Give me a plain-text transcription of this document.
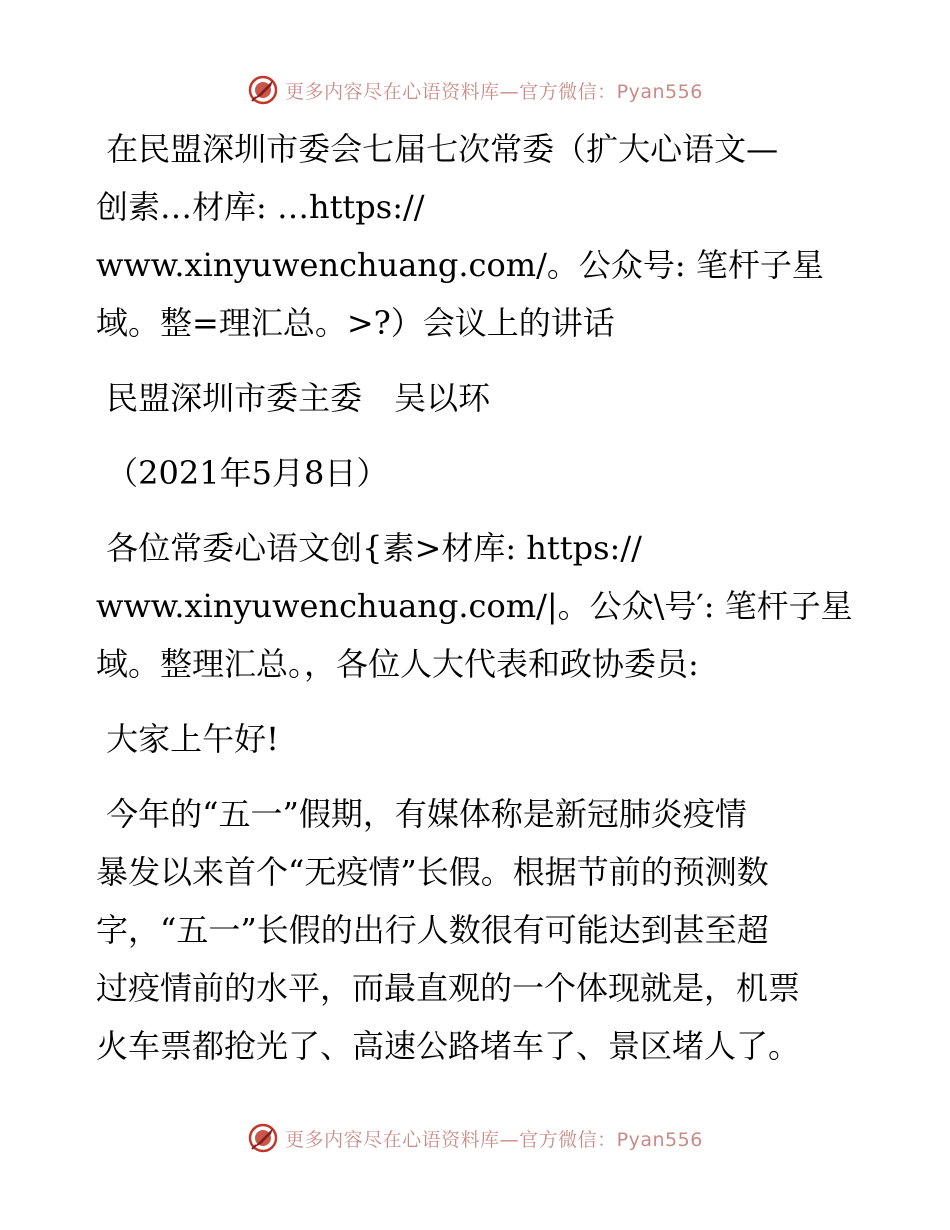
更多内容尽在心语资料库—官方微信：Pyan556

在民盟深圳市委会七届七次常委（扩大心语文—
创素…材库: …https://
www.xinyuwenchuang.com/。公众号: 笔杆子星
域。整=理汇总。>?）会议上的讲话

民盟深圳市委主委　吴以环

（2021年5月8日）

各位常委心语文创{素>材库: https://
www.xinyuwenchuang.com/|。公众\号′: 笔杆子星
域。整理汇总。，各位人大代表和政协委员:

大家上午好!

今年的“五一”假期，有媒体称是新冠肺炎疫情
暴发以来首个“无疫情”长假。根据节前的预测数
字，“五一”长假的出行人数很有可能达到甚至超
过疫情前的水平，而最直观的一个体现就是，机票
火车票都抢光了、高速公路堵车了、景区堵人了。

更多内容尽在心语资料库—官方微信：Pyan556
